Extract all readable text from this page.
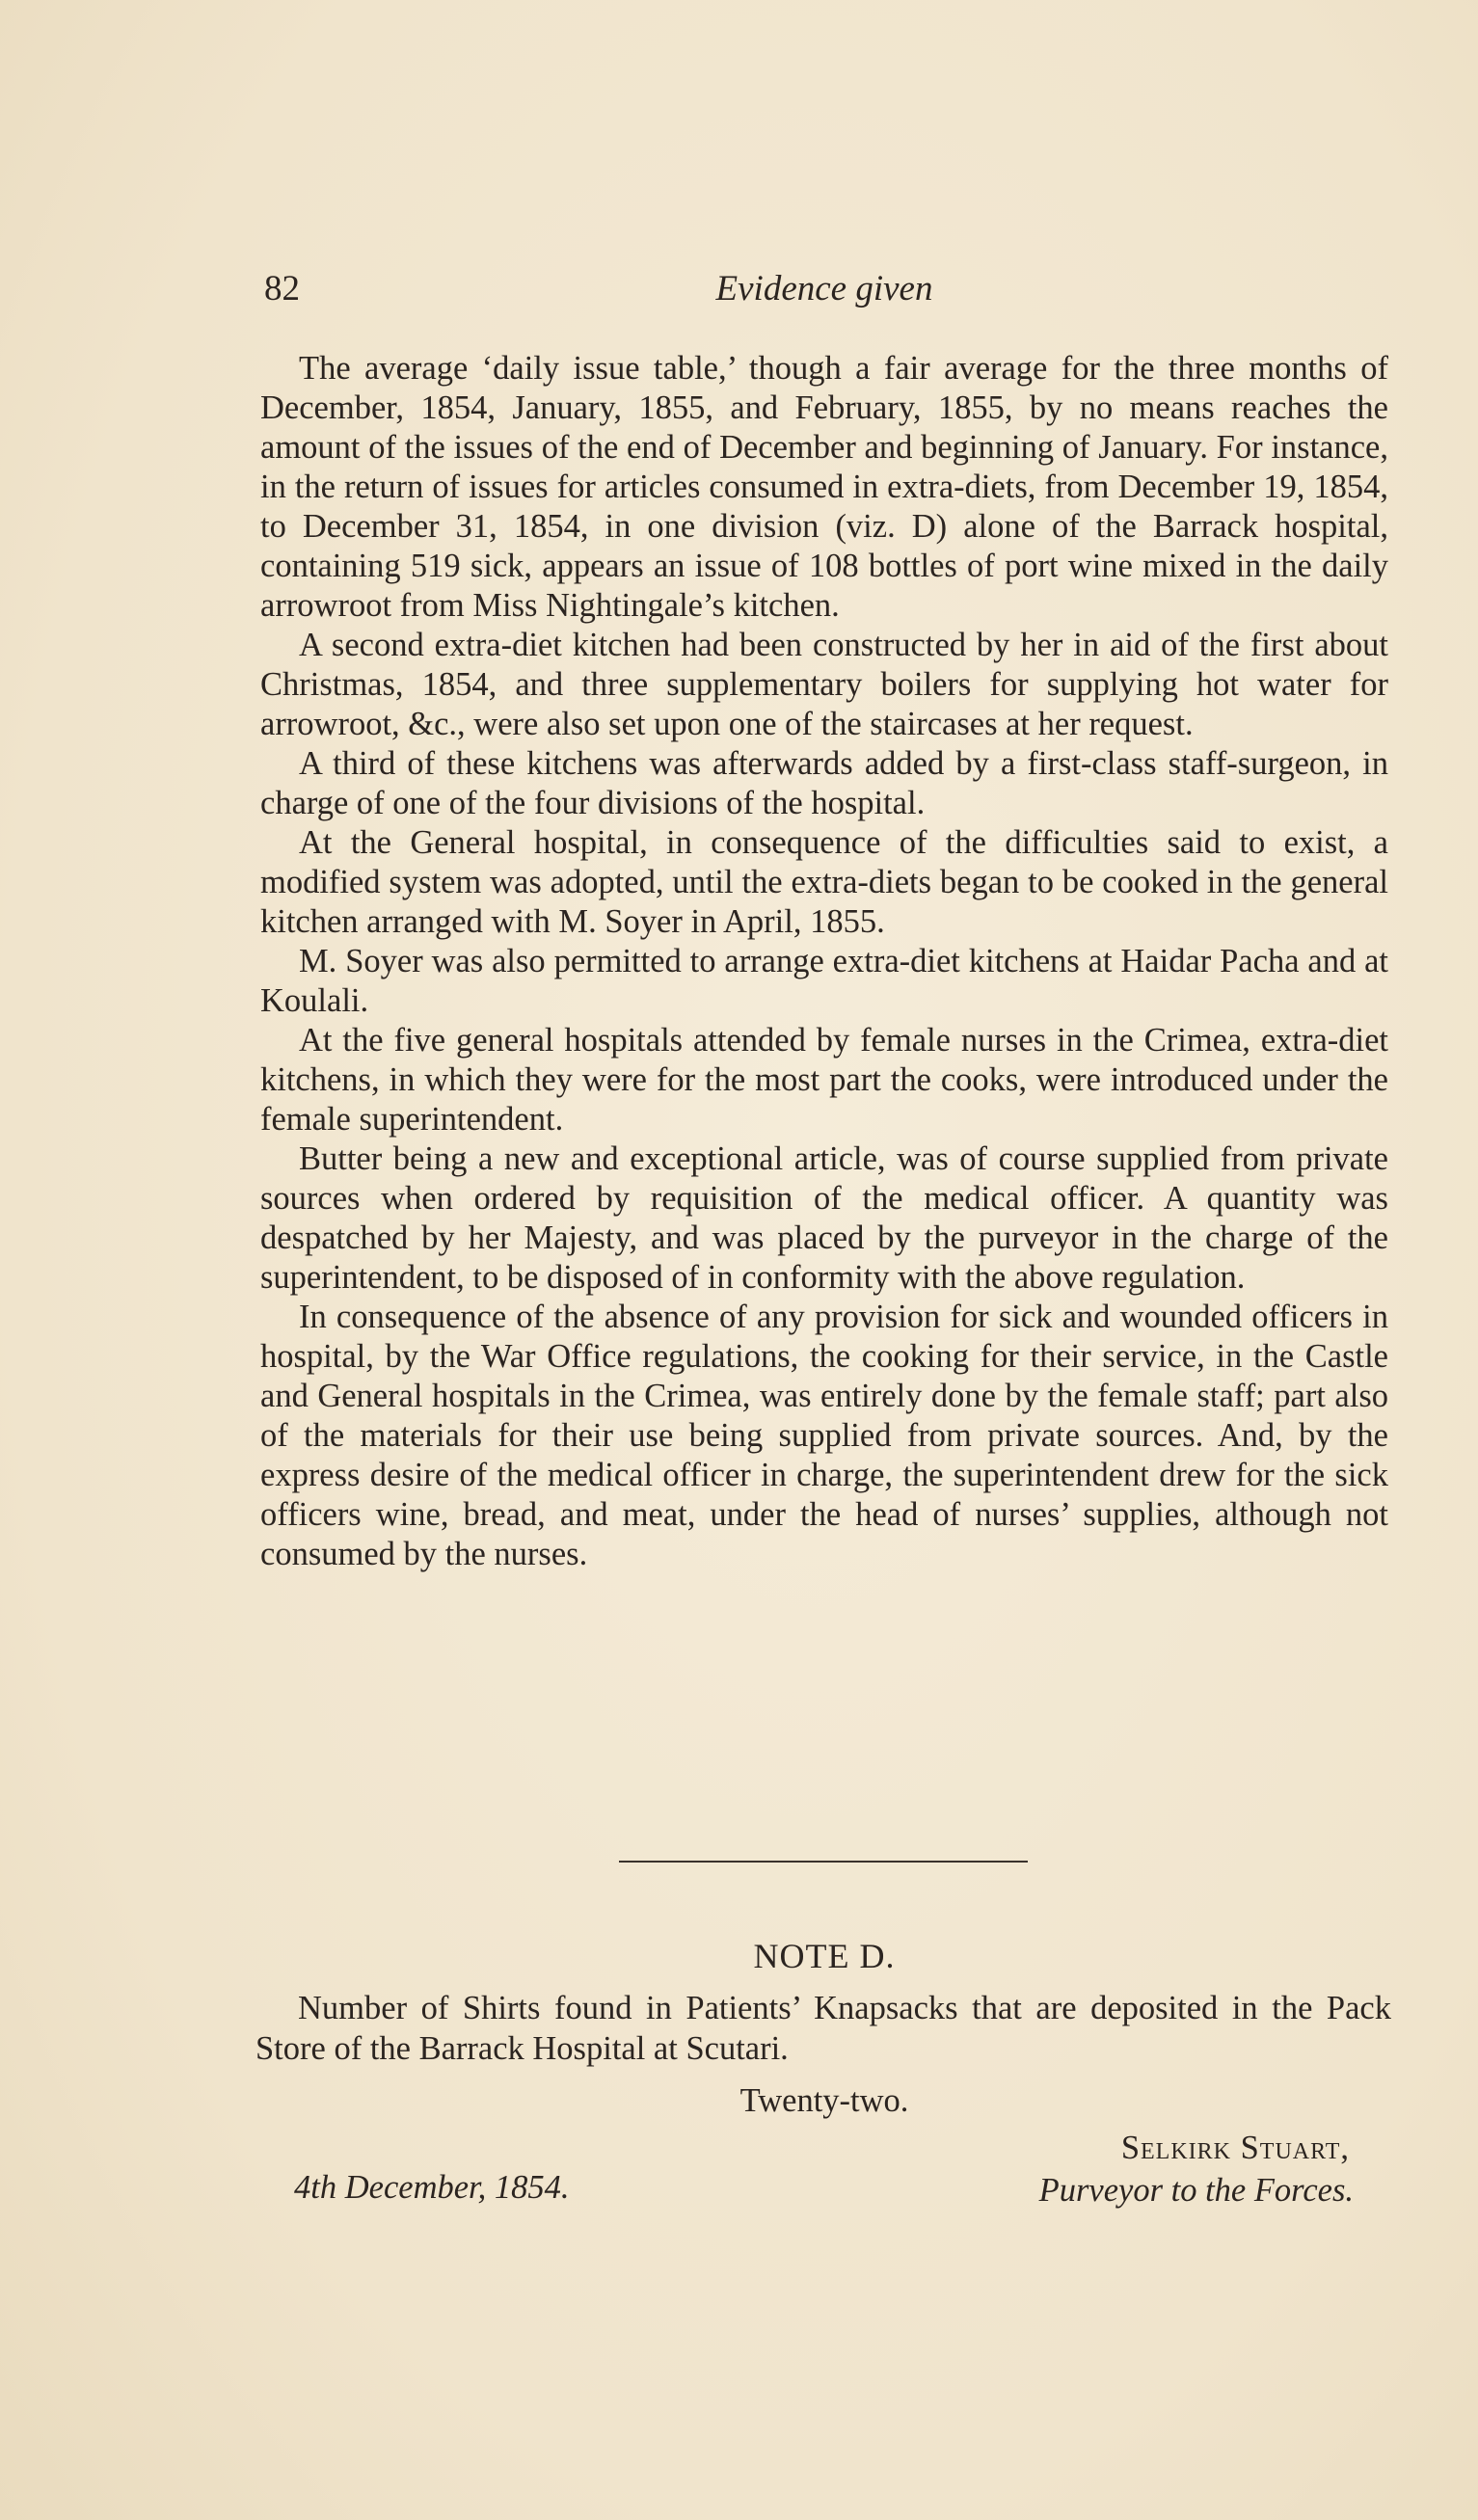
82	Evidence given

The average ‘daily issue table,’ though a fair average for the three months of December, 1854, January, 1855, and February, 1855, by no means reaches the amount of the issues of the end of December and beginning of January. For instance, in the return of issues for articles consumed in extra-diets, from December 19, 1854, to December 31, 1854, in one division (viz. D) alone of the Barrack hospital, containing 519 sick, appears an issue of 108 bottles of port wine mixed in the daily arrowroot from Miss Nightingale’s kitchen.

A second extra-diet kitchen had been constructed by her in aid of the first about Christmas, 1854, and three supplementary boilers for supplying hot water for arrowroot, &c., were also set upon one of the staircases at her request.

A third of these kitchens was afterwards added by a first-class staff-surgeon, in charge of one of the four divisions of the hospital.

At the General hospital, in consequence of the difficulties said to exist, a modified system was adopted, until the extra-diets began to be cooked in the general kitchen arranged with M. Soyer in April, 1855.

M. Soyer was also permitted to arrange extra-diet kitchens at Haidar Pacha and at Koulali.

At the five general hospitals attended by female nurses in the Crimea, extra-diet kitchens, in which they were for the most part the cooks, were introduced under the female superintendent.

Butter being a new and exceptional article, was of course supplied from private sources when ordered by requisition of the medical officer. A quantity was despatched by her Majesty, and was placed by the purveyor in the charge of the superintendent, to be disposed of in conformity with the above regulation.

In consequence of the absence of any provision for sick and wounded officers in hospital, by the War Office regulations, the cooking for their service, in the Castle and General hospitals in the Crimea, was entirely done by the female staff; part also of the materials for their use being supplied from private sources. And, by the express desire of the medical officer in charge, the superintendent drew for the sick officers wine, bread, and meat, under the head of nurses’ supplies, although not consumed by the nurses.

NOTE D.
Number of Shirts found in Patients’ Knapsacks that are deposited in the Pack Store of the Barrack Hospital at Scutari.
Twenty-two.
4th December, 1854.
Selkirk Stuart,
Purveyor to the Forces.
